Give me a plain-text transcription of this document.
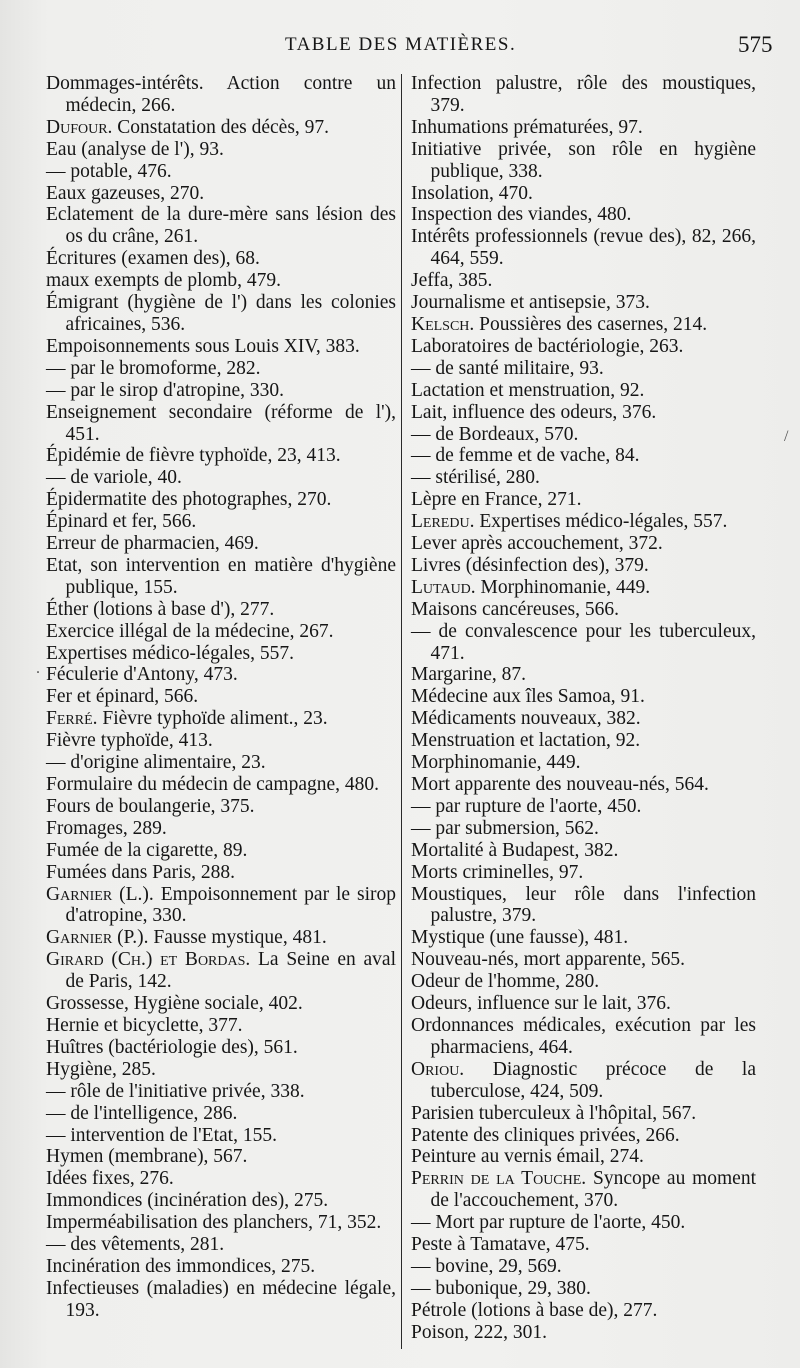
TABLE DES MATIÈRES.	575
Dommages-intérêts. Action contre un médecin, 266.
Dufour. Constatation des décès, 97.
Eau (analyse de l'), 93.
— potable, 476.
Eaux gazeuses, 270.
Eclatement de la dure-mère sans lésion des os du crâne, 261.
Écritures (examen des), 68.
maux exempts de plomb, 479.
Émigrant (hygiène de l') dans les colonies africaines, 536.
Empoisonnements sous Louis XIV, 383.
— par le bromoforme, 282.
— par le sirop d'atropine, 330.
Enseignement secondaire (réforme de l'), 451.
Épidémie de fièvre typhoïde, 23, 413.
— de variole, 40.
Épidermatite des photographes, 270.
Épinard et fer, 566.
Erreur de pharmacien, 469.
Etat, son intervention en matière d'hygiène publique, 155.
Éther (lotions à base d'), 277.
Exercice illégal de la médecine, 267.
Expertises médico-légales, 557.
Féculerie d'Antony, 473.
Fer et épinard, 566.
Ferré. Fièvre typhoïde aliment., 23.
Fièvre typhoïde, 413.
— d'origine alimentaire, 23.
Formulaire du médecin de campagne, 480.
Fours de boulangerie, 375.
Fromages, 289.
Fumée de la cigarette, 89.
Fumées dans Paris, 288.
Garnier (L.). Empoisonnement par le sirop d'atropine, 330.
Garnier (P.). Fausse mystique, 481.
Girard (Ch.) et Bordas. La Seine en aval de Paris, 142.
Grossesse, Hygiène sociale, 402.
Hernie et bicyclette, 377.
Huîtres (bactériologie des), 561.
Hygiène, 285.
— rôle de l'initiative privée, 338.
— de l'intelligence, 286.
— intervention de l'Etat, 155.
Hymen (membrane), 567.
Idées fixes, 276.
Immondices (incinération des), 275.
Imperméabilisation des planchers, 71, 352.
— des vêtements, 281.
Incinération des immondices, 275.
Infectieuses (maladies) en médecine légale, 193.
Infection palustre, rôle des moustiques, 379.
Inhumations prématurées, 97.
Initiative privée, son rôle en hygiène publique, 338.
Insolation, 470.
Inspection des viandes, 480.
Intérêts professionnels (revue des), 82, 266, 464, 559.
Jeffa, 385.
Journalisme et antisepsie, 373.
Kelsch. Poussières des casernes, 214.
Laboratoires de bactériologie, 263.
— de santé militaire, 93.
Lactation et menstruation, 92.
Lait, influence des odeurs, 376.
— de Bordeaux, 570.
— de femme et de vache, 84.
— stérilisé, 280.
Lèpre en France, 271.
Leredu. Expertises médico-légales, 557.
Lever après accouchement, 372.
Livres (désinfection des), 379.
Lutaud. Morphinomanie, 449.
Maisons cancéreuses, 566.
— de convalescence pour les tuberculeux, 471.
Margarine, 87.
Médecine aux îles Samoa, 91.
Médicaments nouveaux, 382.
Menstruation et lactation, 92.
Morphinomanie, 449.
Mort apparente des nouveau-nés, 564.
— par rupture de l'aorte, 450.
— par submersion, 562.
Mortalité à Budapest, 382.
Morts criminelles, 97.
Moustiques, leur rôle dans l'infection palustre, 379.
Mystique (une fausse), 481.
Nouveau-nés, mort apparente, 565.
Odeur de l'homme, 280.
Odeurs, influence sur le lait, 376.
Ordonnances médicales, exécution par les pharmaciens, 464.
Oriou. Diagnostic précoce de la tuberculose, 424, 509.
Parisien tuberculeux à l'hôpital, 567.
Patente des cliniques privées, 266.
Peinture au vernis émail, 274.
Perrin de la Touche. Syncope au moment de l'accouchement, 370.
— Mort par rupture de l'aorte, 450.
Peste à Tamatave, 475.
— bovine, 29, 569.
— bubonique, 29, 380.
Pétrole (lotions à base de), 277.
Poison, 222, 301.
/
.
